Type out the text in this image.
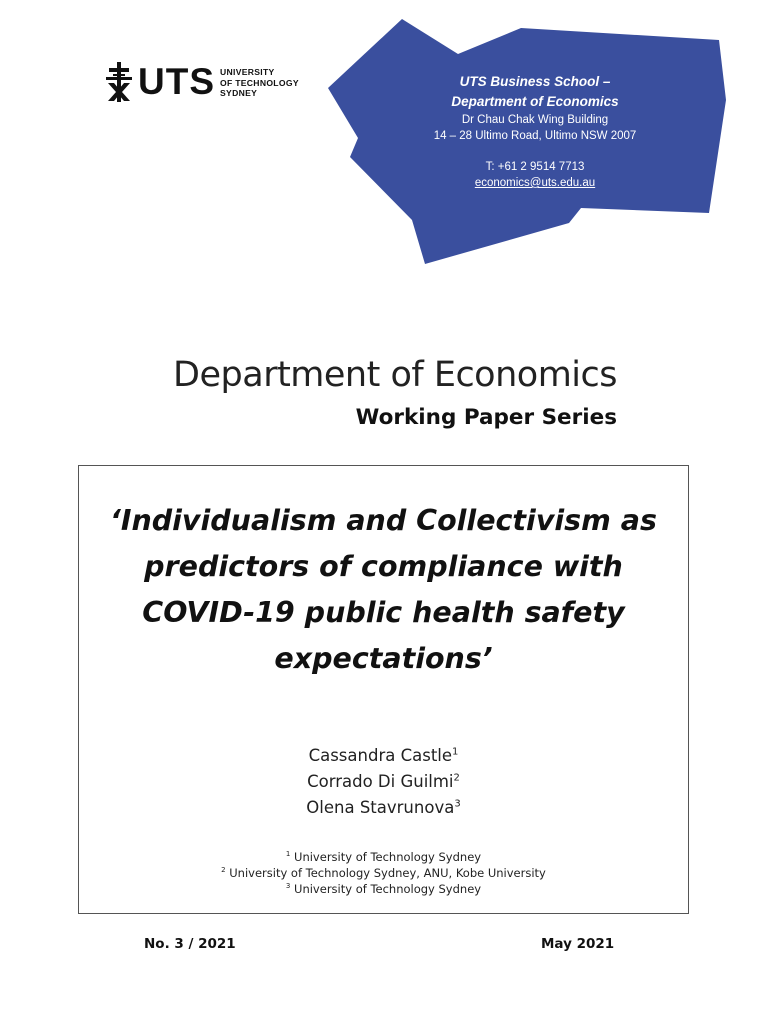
UTS UNIVERSITY
OF TECHNOLOGY
SYDNEY
UTS Business School –
Department of Economics
Dr Chau Chak Wing Building
14 – 28 Ultimo Road, Ultimo NSW 2007
T: +61 2 9514 7713
economics@uts.edu.au
Department of Economics
Working Paper Series
‘Individualism and Collectivism as
predictors of compliance with
COVID-19 public health safety
expectations’
Cassandra Castle$^1$
Corrado Di Guilmi$^2$
Olena Stavrunova$^3$
$^1$ University of Technology Sydney
$^2$ University of Technology Sydney, ANU, Kobe University
$^3$ University of Technology Sydney
No. 3 / 2021	May 2021
